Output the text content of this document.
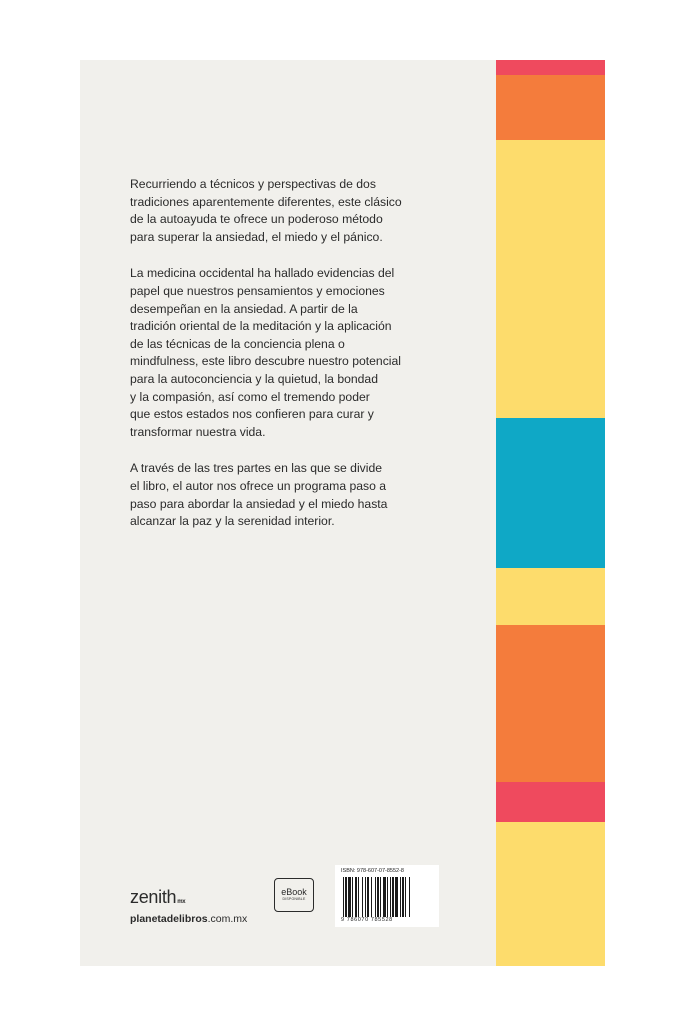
Recurriendo a técnicos y perspectivas de dos
tradiciones aparentemente diferentes, este clásico
de la autoayuda te ofrece un poderoso método
para superar la ansiedad, el miedo y el pánico.

La medicina occidental ha hallado evidencias del
papel que nuestros pensamientos y emociones
desempeñan en la ansiedad. A partir de la
tradición oriental de la meditación y la aplicación
de las técnicas de la conciencia plena o
mindfulness, este libro descubre nuestro potencial
para la autoconciencia y la quietud, la bondad
y la compasión, así como el tremendo poder
que estos estados nos confieren para curar y
transformar nuestra vida.

A través de las tres partes en las que se divide
el libro, el autor nos ofrece un programa paso a
paso para abordar la ansiedad y el miedo hasta
alcanzar la paz y la serenidad interior.

zenithmx
planetadelibros.com.mx
eBook
DISPONIBLE
ISBN: 978-607-07-8552-8
9 786070 785528
